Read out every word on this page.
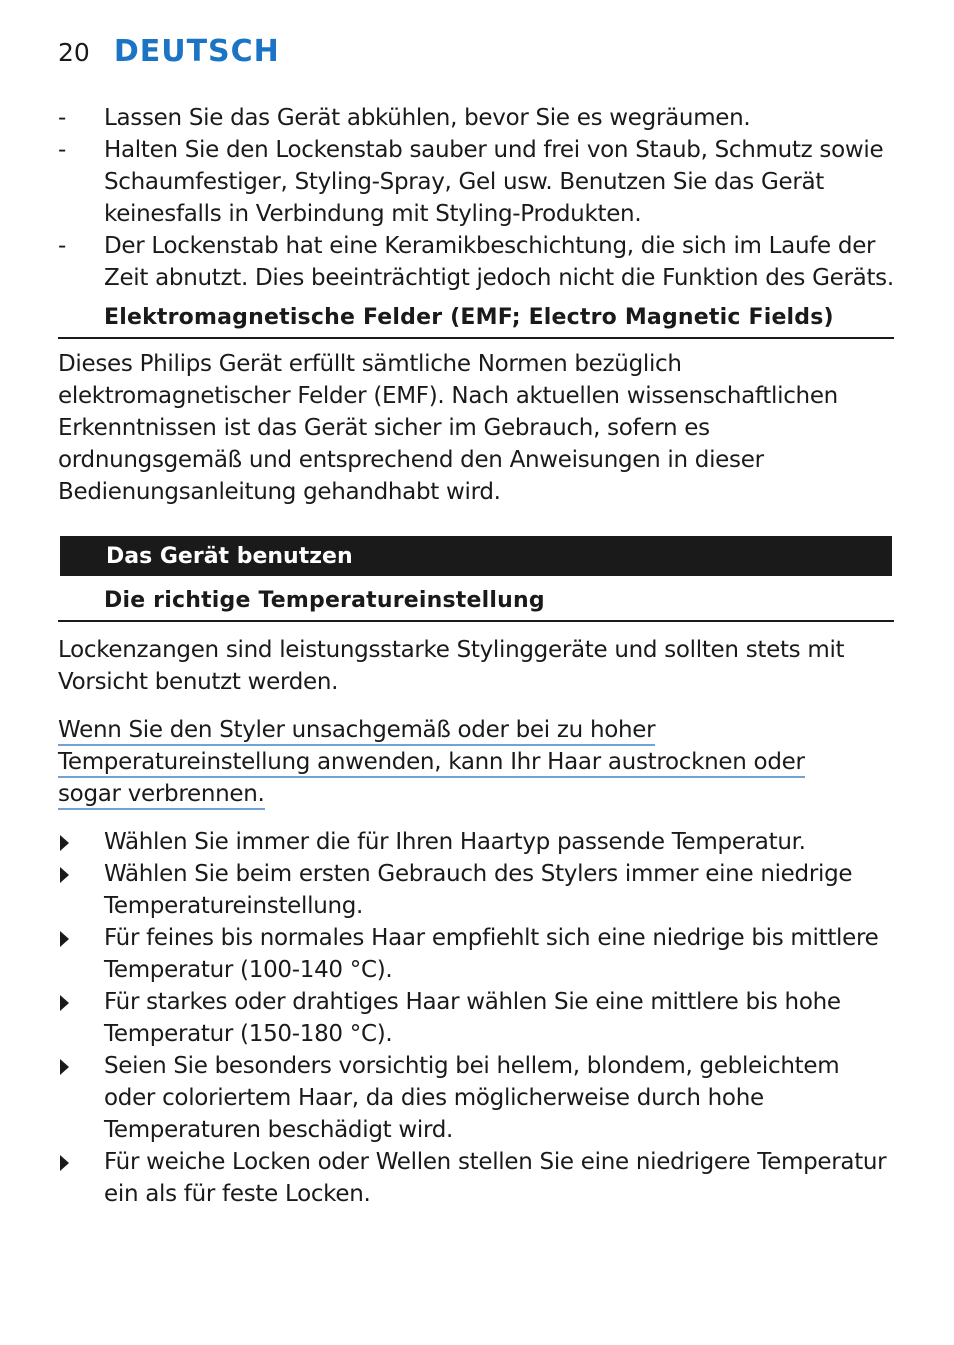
20 DEUTSCH
- Lassen Sie das Gerät abkühlen, bevor Sie es wegräumen.
- Halten Sie den Lockenstab sauber und frei von Staub, Schmutz sowie Schaumfestiger, Styling-Spray, Gel usw. Benutzen Sie das Gerät keinesfalls in Verbindung mit Styling-Produkten.
- Der Lockenstab hat eine Keramikbeschichtung, die sich im Laufe der Zeit abnutzt. Dies beeinträchtigt jedoch nicht die Funktion des Geräts.
Elektromagnetische Felder (EMF; Electro Magnetic Fields)

Dieses Philips Gerät erfüllt sämtliche Normen bezüglich elektromagnetischer Felder (EMF). Nach aktuellen wissenschaftlichen Erkenntnissen ist das Gerät sicher im Gebrauch, sofern es ordnungsgemäß und entsprechend den Anweisungen in dieser Bedienungsanleitung gehandhabt wird.

Das Gerät benutzen
Die richtige Temperatureinstellung

Lockenzangen sind leistungsstarke Stylinggeräte und sollten stets mit Vorsicht benutzt werden.

Wenn Sie den Styler unsachgemäß oder bei zu hoher
Temperatureinstellung anwenden, kann Ihr Haar austrocknen oder
sogar verbrennen.

Wählen Sie immer die für Ihren Haartyp passende Temperatur.
Wählen Sie beim ersten Gebrauch des Stylers immer eine niedrige Temperatureinstellung.
Für feines bis normales Haar empfiehlt sich eine niedrige bis mittlere Temperatur (100-140 °C).
Für starkes oder drahtiges Haar wählen Sie eine mittlere bis hohe Temperatur (150-180 °C).
Seien Sie besonders vorsichtig bei hellem, blondem, gebleichtem oder coloriertem Haar, da dies möglicherweise durch hohe Temperaturen beschädigt wird.
Für weiche Locken oder Wellen stellen Sie eine niedrigere Temperatur ein als für feste Locken.
